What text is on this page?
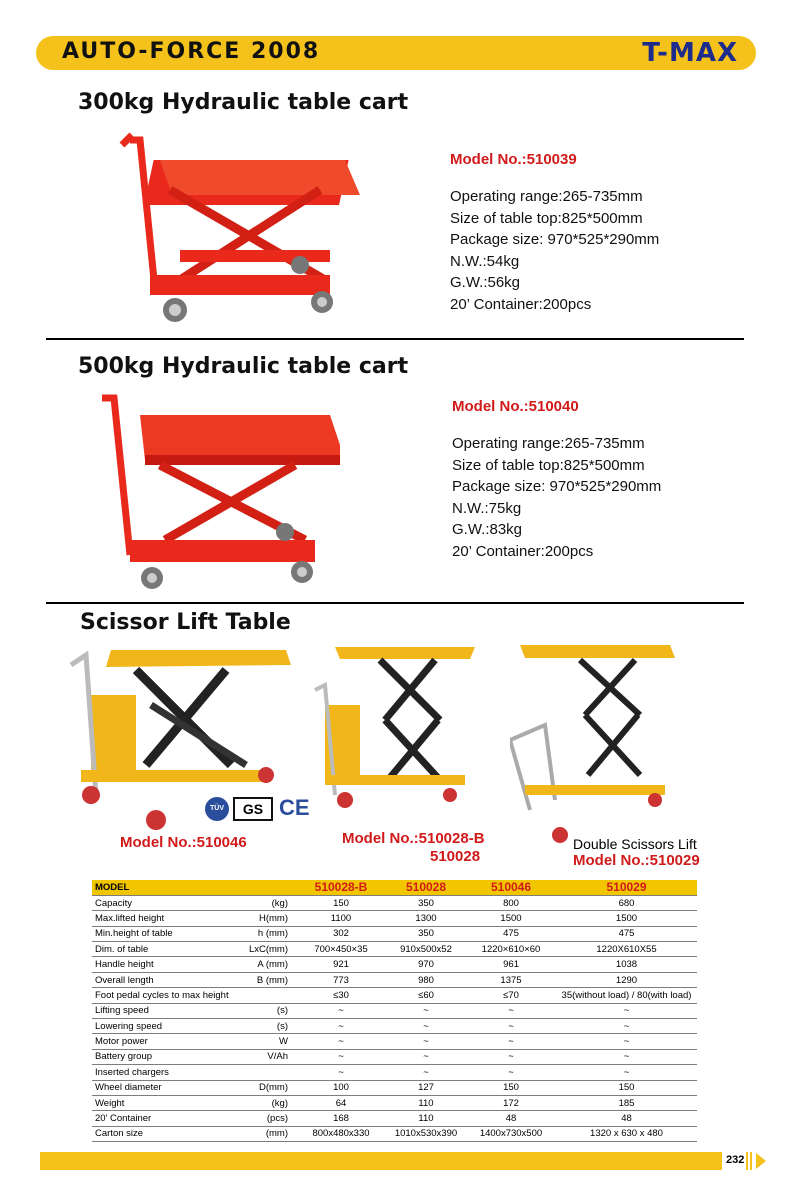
AUTO-FORCE 2008	T-MAX
300kg Hydraulic table cart
Model No.:510039
Operating range:265-735mm
Size of table top:825*500mm
Package size: 970*525*290mm
N.W.:54kg
G.W.:56kg
20’ Container:200pcs
500kg Hydraulic table cart
Model No.:510040
Operating range:265-735mm
Size of table top:825*500mm
Package size: 970*525*290mm
N.W.:75kg
G.W.:83kg
20’ Container:200pcs
Scissor Lift Table
TÜV	GS CE
Model No.:510046	Model No.:510028-B
510028
Double Scissors Lift
Model No.:510029
MODEL		510028-B	510028	510046	510029
Capacity	(kg)	150	350	800	680
Max.lifted height	H(mm)	1100	1300	1500	1500
Min.height of table	h (mm)	302	350	475	475
Dim. of table	LxC(mm)	700×450×35	910x500x52	1220×610×60	1220X610X55
Handle height	A (mm)	921	970	961	1038
Overall length	B (mm)	773	980	1375	1290
Foot pedal cycles to max height		≤30	≤60	≤70	35(without load) / 80(with load)
Lifting speed	(s)	~	~	~	~
Lowering speed	(s)	~	~	~	~
Motor power	W	~	~	~	~
Battery group	V/Ah	~	~	~	~
Inserted chargers		~	~	~	~
Wheel diameter	D(mm)	100	127	150	150
Weight	(kg)	64	110	172	185
20' Container	(pcs)	168	110	48	48
Carton size	(mm)	800x480x330	1010x530x390	1400x730x500	1320 x 630 x 480
232
